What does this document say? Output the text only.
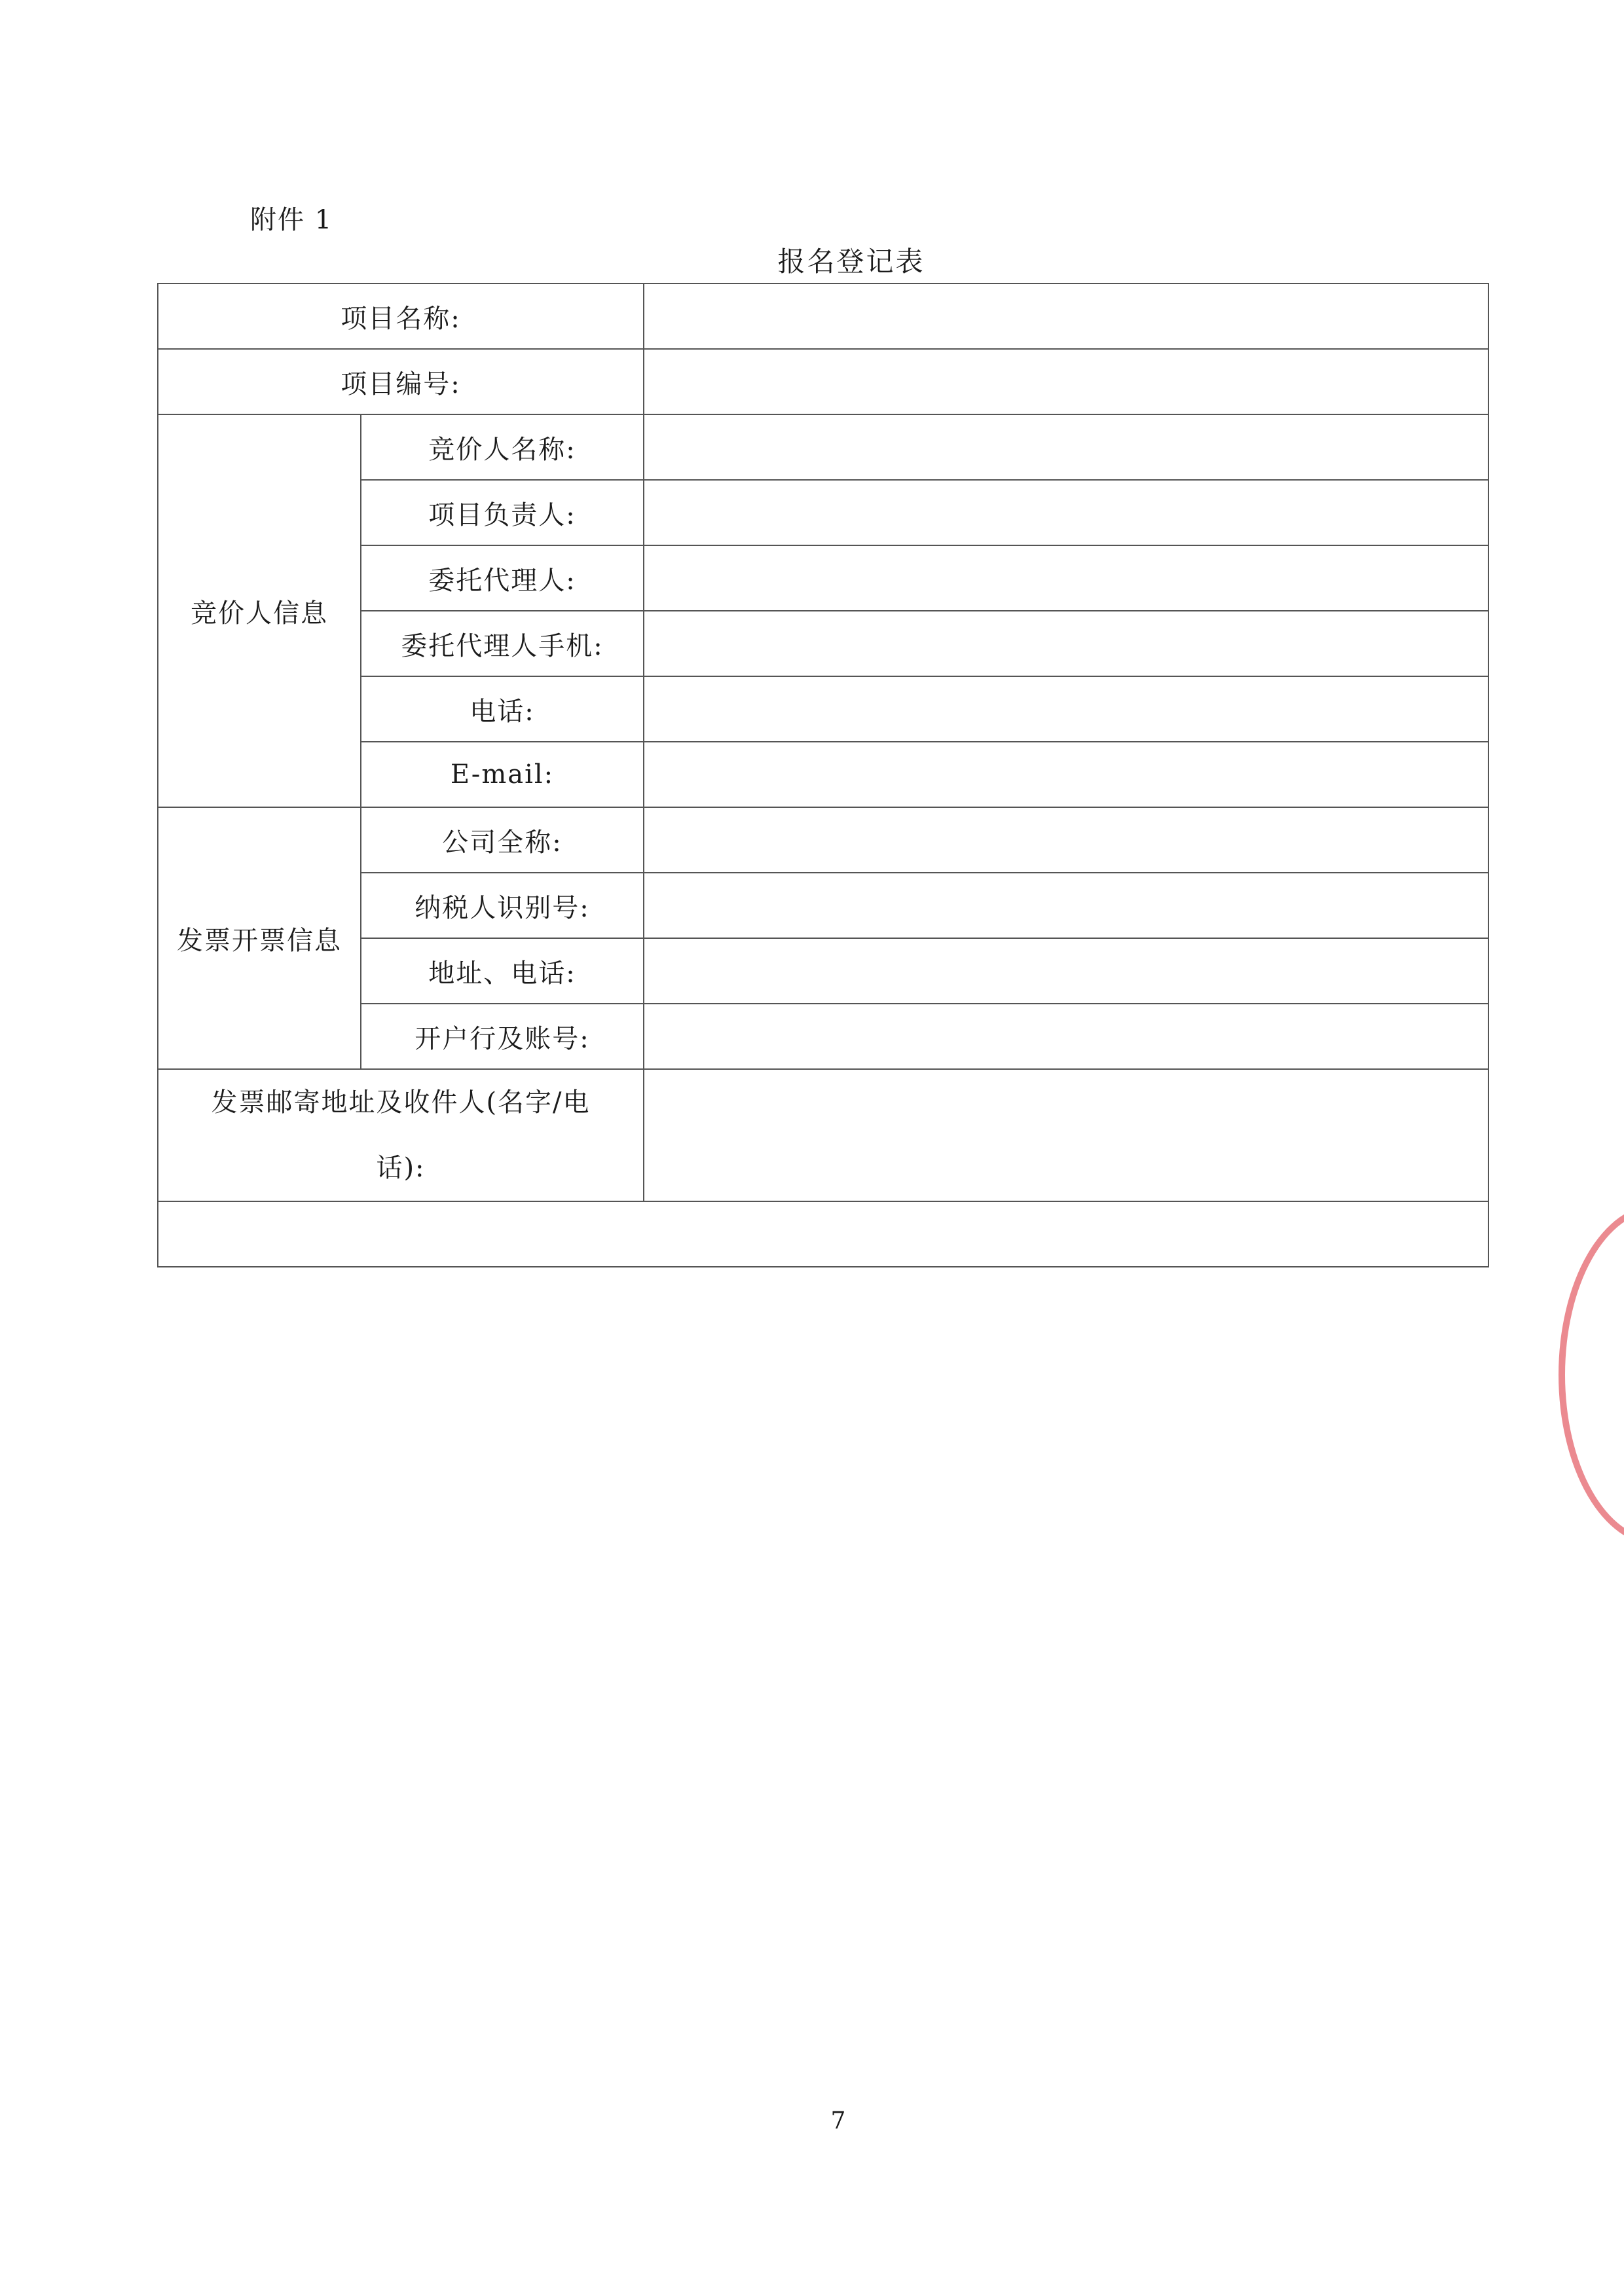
附件 1
报名登记表
项目名称:		
项目编号:		
竞价人信息	竞价人名称:	
	项目负责人:	
	委托代理人:	
	委托代理人手机:	
	电话:	
	E-mail:	
发票开票信息	公司全称:	
	纳税人识别号:	
	地址、电话:	
	开户行及账号:	

发票邮寄地址及收件人(名字/电
话):		

7
